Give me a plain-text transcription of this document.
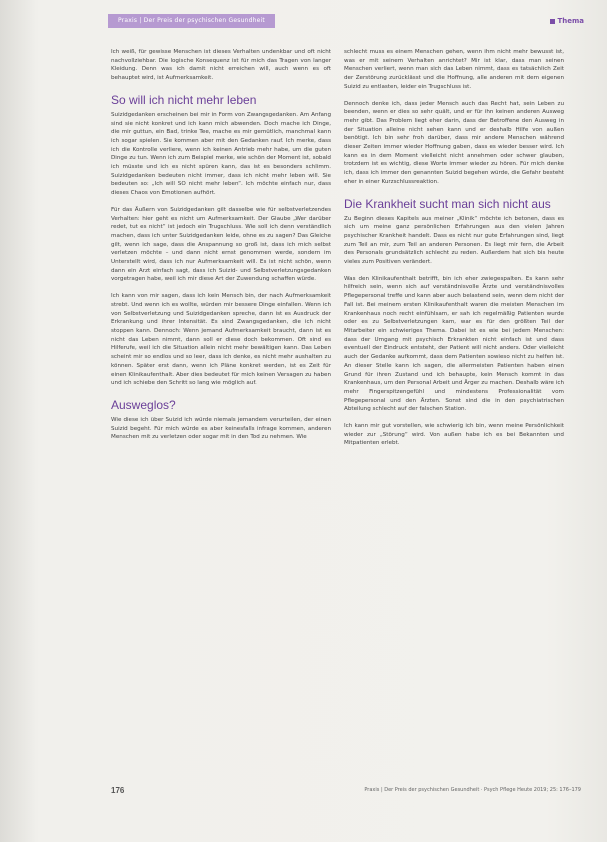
Praxis | Der Preis der psychischen Gesundheit	Thema

Ich weiß, für gewisse Menschen ist dieses Verhalten undenkbar und oft nicht nachvollziehbar. Die logische Konsequenz ist für mich das Tragen von langer Kleidung. Denn was ich damit nicht erreichen will, auch wenn es oft behauptet wird, ist Aufmerksamkeit.

So will ich nicht mehr leben

Suizidgedanken erscheinen bei mir in Form von Zwangsgedanken. Am Anfang sind sie nicht konkret und ich kann mich abwenden. Doch mache ich Dinge, die mir guttun, ein Bad, trinke Tee, mache es mir gemütlich, manchmal kann ich sogar spielen. Sie kommen aber mit den Gedanken rauf. Ich merke, dass ich die Kontrolle verliere, wenn ich keinen Antrieb mehr habe, um die guten Dinge zu tun. Wenn ich zum Beispiel merke, wie schön der Moment ist, sobald ich müsste und ich es nicht spüren kann, das ist es besonders schlimm. Suizidgedanken bedeuten nicht immer, dass ich nicht mehr leben will. Sie bedeuten so: „Ich will SO nicht mehr leben“. Ich möchte einfach nur, dass dieses Chaos von Emotionen aufhört.

Für das Äußern von Suizidgedanken gilt dasselbe wie für selbstverletzendes Verhalten: hier geht es nicht um Aufmerksamkeit. Der Glaube „Wer darüber redet, tut es nicht“ ist jedoch ein Trugschluss. Wie soll ich denn verständlich machen, dass ich unter Suizidgedanken leide, ohne es zu sagen? Das Gleiche gilt, wenn ich sage, dass die Anspannung so groß ist, dass ich mich selbst verletzen möchte – und dann nicht ernst genommen werde, sondern im Unterstellt wird, dass ich nur Aufmerksamkeit will. Es ist nicht schön, wenn dann ein Arzt einfach sagt, dass ich Suizid- und Selbstverletzungsgedanken vorgetragen habe, weil ich mir diese Art der Zuwendung schaffen würde.

Ich kann von mir sagen, dass ich kein Mensch bin, der nach Aufmerksamkeit strebt. Und wenn ich es wollte, würden mir bessere Dinge einfallen. Wenn ich von Selbstverletzung und Suizidgedanken spreche, dann ist es Ausdruck der Erkrankung und ihrer Intensität. Es sind Zwangsgedanken, die ich nicht stoppen kann. Dennoch: Wenn jemand Aufmerksamkeit braucht, dann ist es nicht das Leben nimmt, dann soll er diese doch bekommen. Oft sind es Hilferufe, weil ich die Situation allein nicht mehr bewältigen kann. Das Leben scheint mir so endlos und so leer, dass ich denke, es nicht mehr aushalten zu können. Später erst dann, wenn ich Pläne konkret werden, ist es Zeit für einen Klinikaufenthalt. Aber dies bedeutet für mich keinen Versagen zu haben und ich schiebe den Schritt so lang wie möglich auf.

Ausweglos?

Wie diese ich über Suizid ich würde niemals jemandem verurteilen, der einen Suizid begeht. Für mich würde es aber keinesfalls infrage kommen, anderen Menschen mit zu verletzen oder sogar mit in den Tod zu nehmen. Wie

schlecht muss es einem Menschen gehen, wenn ihm nicht mehr bewusst ist, was er mit seinem Verhalten anrichtet? Mir ist klar, dass man seinen Menschen verliert, wenn man sich das Leben nimmt, dass es tatsächlich Zeit der Zerstörung zurücklässt und die Hoffnung, alle anderen mit dem eigenen Suizid zu entlasten, leider ein Trugschluss ist.

Dennoch denke ich, dass jeder Mensch auch das Recht hat, sein Leben zu beenden, wenn er dies so sehr quält, und er für ihn keinen anderen Ausweg mehr gibt. Das Problem liegt eher darin, dass der Betroffene den Ausweg in der Situation alleine nicht sehen kann und er deshalb Hilfe von außen benötigt. Ich bin sehr froh darüber, dass mir andere Menschen während dieser Zeiten immer wieder Hoffnung gaben, dass es wieder besser wird. Ich kann es in dem Moment vielleicht nicht annehmen oder schwer glauben, trotzdem ist es wichtig, diese Worte immer wieder zu hören. Für mich denke ich, dass ich immer den genannten Suizid begehen würde, die Gefahr besteht eher in einer Kurzschlussreaktion.

Die Krankheit sucht man sich nicht aus

Zu Beginn dieses Kapitels aus meiner „Klinik“ möchte ich betonen, dass es sich um meine ganz persönlichen Erfahrungen aus den vielen Jahren psychischer Krankheit handelt. Dass es nicht nur gute Erfahrungen sind, liegt zum Teil an mir, zum Teil an anderen Personen. Es liegt mir fern, die Arbeit des Personals grundsätzlich schlecht zu reden. Außerdem hat sich bis heute vieles zum Positiven verändert.

Was den Klinikaufenthalt betrifft, bin ich eher zwiegespalten. Es kann sehr hilfreich sein, wenn sich auf verständnisvolle Ärzte und verständnisvolles Pflegepersonal treffe und kann aber auch belastend sein, wenn dem nicht der Fall ist. Bei meinem ersten Klinikaufenthalt waren die meisten Menschen im Krankenhaus noch recht einfühlsam, er sah ich regelmäßig Patienten wurde oder es zu Selbstverletzungen kam, war es für den größten Teil der Mitarbeiter ein schwieriges Thema. Dabei ist es wie bei jedem Menschen: dass der Umgang mit psychisch Erkrankten nicht einfach ist und dass eventuell der Eindruck entsteht, der Patient will nicht anders. Oder vielleicht auch der Gedanke aufkommt, dass dem Patienten sowieso nicht zu helfen ist. An dieser Stelle kann ich sagen, die allermeisten Patienten haben einen Grund für ihren Zustand und ich behaupte, kein Mensch kommt in das Krankenhaus, um den Personal Arbeit und Ärger zu machen. Deshalb wäre ich mehr Fingerspitzengefühl und mindestens Professionalität vom Pflegepersonal und den Ärzten. Sonst sind die in den psychiatrischen Abteilung schlecht auf der falschen Station.

Ich kann mir gut vorstellen, wie schwierig ich bin, wenn meine Persönlichkeit wieder zur „Störung“ wird. Von außen habe ich es bei Bekannten und Mitpatienten erlebt.

176	Praxis | Der Preis der psychischen Gesundheit · Psych Pflege Heute 2019; 25: 176–179
